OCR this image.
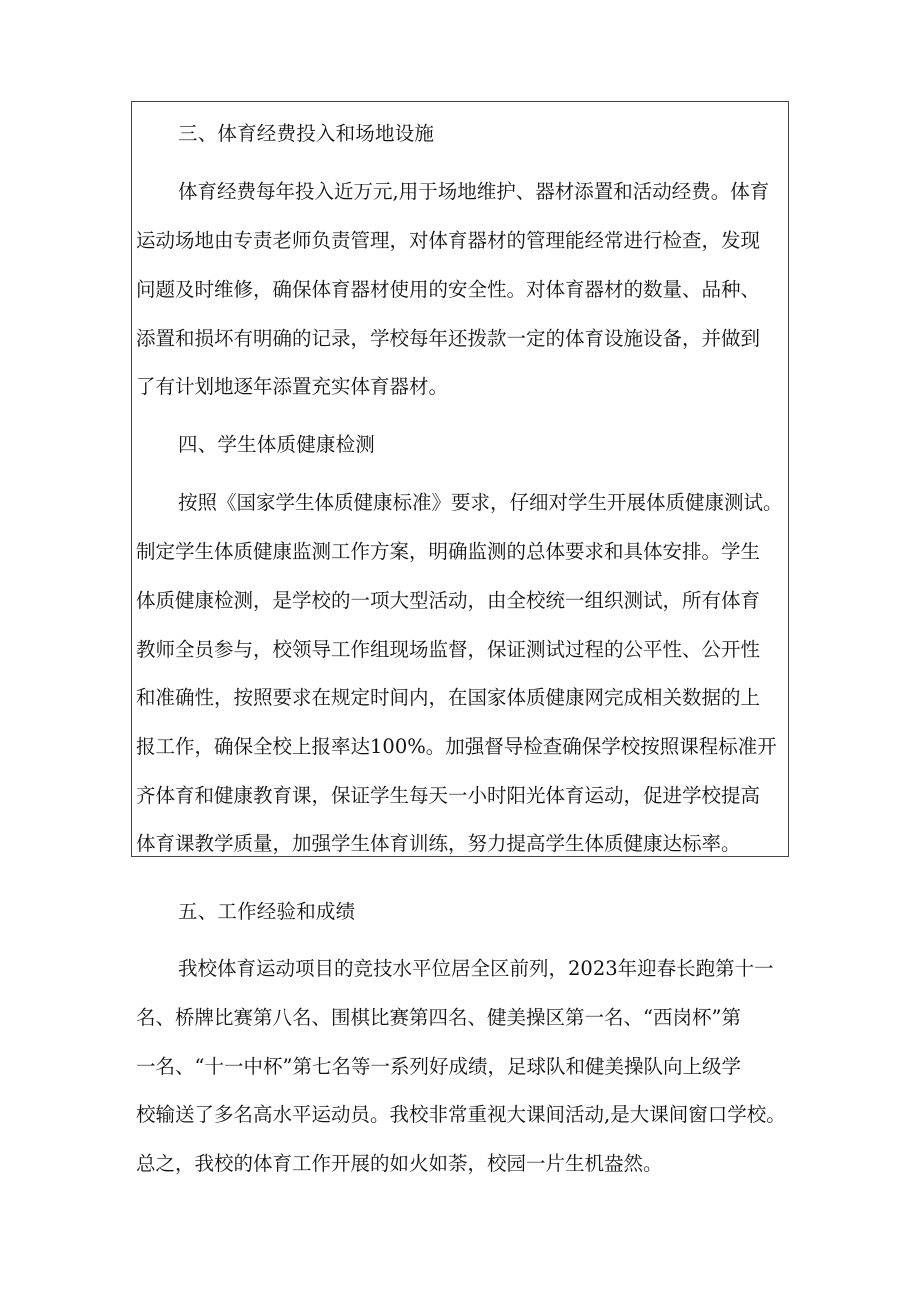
三、体育经费投入和场地设施
体育经费每年投入近万元,用于场地维护、器材添置和活动经费。体育
运动场地由专责老师负责管理，对体育器材的管理能经常进行检查，发现
问题及时维修，确保体育器材使用的安全性。对体育器材的数量、品种、
添置和损坏有明确的记录，学校每年还拨款一定的体育设施设备，并做到
了有计划地逐年添置充实体育器材。
四、学生体质健康检测
按照《国家学生体质健康标准》要求，仔细对学生开展体质健康测试。
制定学生体质健康监测工作方案，明确监测的总体要求和具体安排。学生
体质健康检测，是学校的一项大型活动，由全校统一组织测试，所有体育
教师全员参与，校领导工作组现场监督，保证测试过程的公平性、公开性
和准确性，按照要求在规定时间内，在国家体质健康网完成相关数据的上
报工作，确保全校上报率达100%。加强督导检查确保学校按照课程标准开
齐体育和健康教育课，保证学生每天一小时阳光体育运动，促进学校提高
体育课教学质量，加强学生体育训练，努力提高学生体质健康达标率。
五、工作经验和成绩
我校体育运动项目的竞技水平位居全区前列，2023年迎春长跑第十一
名、桥牌比赛第八名、围棋比赛第四名、健美操区第一名、“西岗杯”第
一名、“十一中杯”第七名等一系列好成绩，足球队和健美操队向上级学
校输送了多名高水平运动员。我校非常重视大课间活动,是大课间窗口学校。
总之，我校的体育工作开展的如火如荼，校园一片生机盎然。
